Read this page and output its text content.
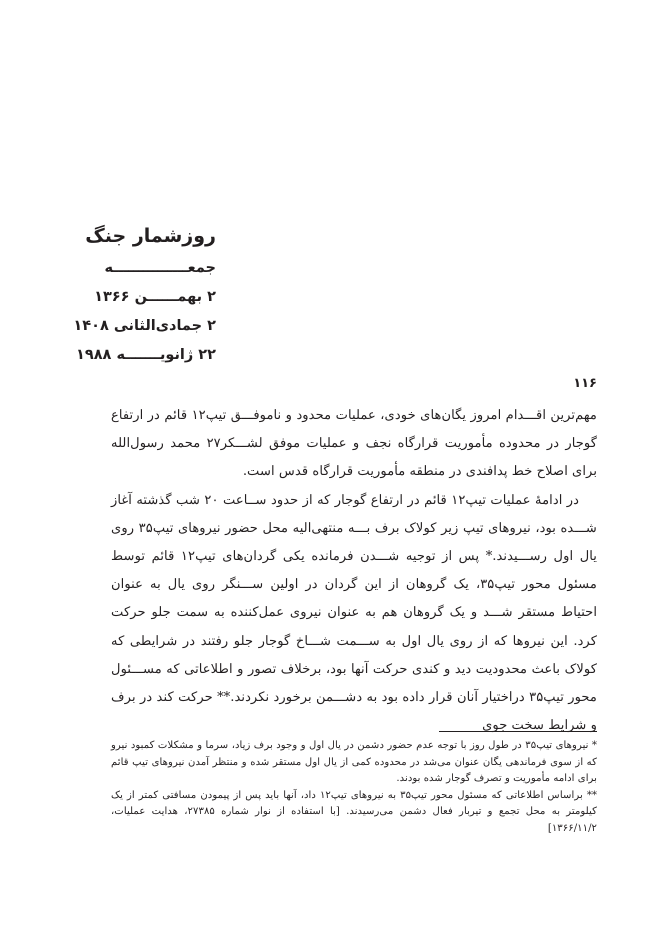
روزشمار جنگ
جمعـــــــــــــــه
۲ بهمــــــن ۱۳۶۶
۲ جمادی‌الثانی ۱۴۰۸
۲۲ ژانویـــــــه ۱۹۸۸
۱۱۶

مهم‌ترین اقـــدام امروز یگان‌های خودی، عملیات محدود و ناموفـــق تیپ۱۲ قائم در ارتفاع گوجار در محدوده مأموریت قرارگاه نجف و عملیات موفق لشـــکر۲۷ محمد رسول‌الله برای اصلاح خط پدافندی در منطقه مأموریت قرارگاه قدس است.

در ادامهٔ عملیات تیپ۱۲ قائم در ارتفاع گوجار که از حدود ســاعت ۲۰ شب گذشته آغاز شـــده بود، نیروهای تیپ زیر کولاک برف بـــه منتهی‌الیه محل حضور نیروهای تیپ۳۵ روی یال اول رســـیدند.* پس از توجیه شـــدن فرمانده یکی گردان‌های تیپ۱۲ قائم توسط مسئول محور تیپ۳۵، یک گروهان از این گردان در اولین ســـنگر روی یال به عنوان احتیاط مستقر شـــد و یک گروهان هم به عنوان نیروی عمل‌کننده به سمت جلو حرکت کرد. این نیروها که از روی یال اول به ســـمت شـــاخ گوجار جلو رفتند در شرایطی که کولاک باعث محدودیت دید و کندی حرکت آنها بود، برخلاف تصور و اطلاعاتی که مســـئول محور تیپ۳۵ دراختیار آنان قرار داده بود به دشـــمن برخورد نکردند.** حرکت کند در برف و شرایط سخت جوی

* نیروهای تیپ۳۵ در طول روز با توجه عدم حضور دشمن در یال اول و وجود برف زیاد، سرما و مشکلات کمبود نیرو که از سوی فرماندهی یگان عنوان می‌شد در محدوده کمی از یال اول مستقر شده و منتظر آمدن نیروهای تیپ قائم برای ادامه مأموریت و تصرف گوجار شده بودند.

** براساس اطلاعاتی که مسئول محور تیپ۳۵ به نیروهای تیپ۱۲ داد، آنها باید پس از پیمودن مسافتی کمتر از یک کیلومتر به محل تجمع و تیربار فعال دشمن می‌رسیدند. [با استفاده از نوار شماره ۲۷۳۸۵، هدایت عملیات، ۱۳۶۶/۱۱/۲]
